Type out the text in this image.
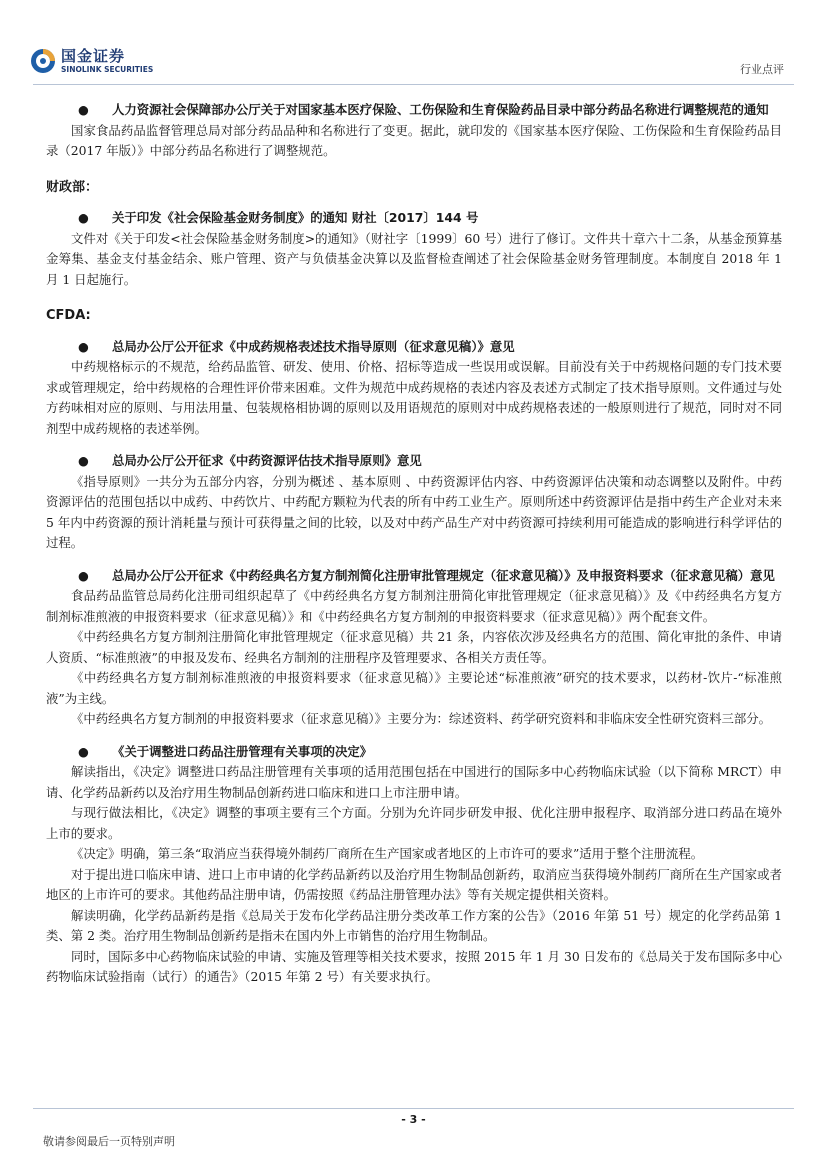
国金证券
SINOLINK SECURITIES	行业点评
●	人力资源社会保障部办公厅关于对国家基本医疗保险、工伤保险和生育保险药品目录中部分药品名称进行调整规范的通知
国家食品药品监督管理总局对部分药品品种和名称进行了变更。据此，就印发的《国家基本医疗保险、工伤保险和生育保险药品目录（2017 年版）》中部分药品名称进行了调整规范。
财政部：
●	关于印发《社会保险基金财务制度》的通知 财社〔2017〕144 号
文件对《关于印发<社会保险基金财务制度>的通知》（财社字〔1999〕60 号）进行了修订。文件共十章六十二条，从基金预算基金筹集、基金支付基金结余、账户管理、资产与负债基金决算以及监督检查阐述了社会保险基金财务管理制度。本制度自 2018 年 1 月 1 日起施行。
CFDA:
●	总局办公厅公开征求《中成药规格表述技术指导原则（征求意见稿）》意见
中药规格标示的不规范，给药品监管、研发、使用、价格、招标等造成一些误用或误解。目前没有关于中药规格问题的专门技术要求或管理规定，给中药规格的合理性评价带来困难。文件为规范中成药规格的表述内容及表述方式制定了技术指导原则。文件通过与处方药味相对应的原则、与用法用量、包装规格相协调的原则以及用语规范的原则对中成药规格表述的一般原则进行了规范，同时对不同剂型中成药规格的表述举例。
●	总局办公厅公开征求《中药资源评估技术指导原则》意见
《指导原则》一共分为五部分内容，分别为概述 、基本原则 、中药资源评估内容、中药资源评估决策和动态调整以及附件。中药资源评估的范围包括以中成药、中药饮片、中药配方颗粒为代表的所有中药工业生产。原则所述中药资源评估是指中药生产企业对未来 5 年内中药资源的预计消耗量与预计可获得量之间的比较，以及对中药产品生产对中药资源可持续利用可能造成的影响进行科学评估的过程。
●	总局办公厅公开征求《中药经典名方复方制剂简化注册审批管理规定（征求意见稿）》及申报资料要求（征求意见稿）意见
食品药品监管总局药化注册司组织起草了《中药经典名方复方制剂注册简化审批管理规定（征求意见稿）》及《中药经典名方复方制剂标准煎液的申报资料要求（征求意见稿）》和《中药经典名方复方制剂的申报资料要求（征求意见稿）》两个配套文件。
《中药经典名方复方制剂注册简化审批管理规定（征求意见稿）共 21 条，内容依次涉及经典名方的范围、简化审批的条件、申请人资质、“标准煎液”的申报及发布、经典名方制剂的注册程序及管理要求、各相关方责任等。
《中药经典名方复方制剂标准煎液的申报资料要求（征求意见稿）》主要论述“标准煎液”研究的技术要求，以药材-饮片-“标准煎液”为主线。
《中药经典名方复方制剂的申报资料要求（征求意见稿）》主要分为：综述资料、药学研究资料和非临床安全性研究资料三部分。
●	《关于调整进口药品注册管理有关事项的决定》
解读指出，《决定》调整进口药品注册管理有关事项的适用范围包括在中国进行的国际多中心药物临床试验（以下简称 MRCT）申请、化学药品新药以及治疗用生物制品创新药进口临床和进口上市注册申请。
与现行做法相比，《决定》调整的事项主要有三个方面。分别为允许同步研发申报、优化注册申报程序、取消部分进口药品在境外上市的要求。
《决定》明确，第三条“取消应当获得境外制药厂商所在生产国家或者地区的上市许可的要求”适用于整个注册流程。
对于提出进口临床申请、进口上市申请的化学药品新药以及治疗用生物制品创新药，取消应当获得境外制药厂商所在生产国家或者地区的上市许可的要求。其他药品注册申请，仍需按照《药品注册管理办法》等有关规定提供相关资料。
解读明确，化学药品新药是指《总局关于发布化学药品注册分类改革工作方案的公告》（2016 年第 51 号）规定的化学药品第 1 类、第 2 类。治疗用生物制品创新药是指未在国内外上市销售的治疗用生物制品。
同时，国际多中心药物临床试验的申请、实施及管理等相关技术要求，按照 2015 年 1 月 30 日发布的《总局关于发布国际多中心药物临床试验指南（试行）的通告》（2015 年第 2 号）有关要求执行。
- 3 -
敬请参阅最后一页特别声明
